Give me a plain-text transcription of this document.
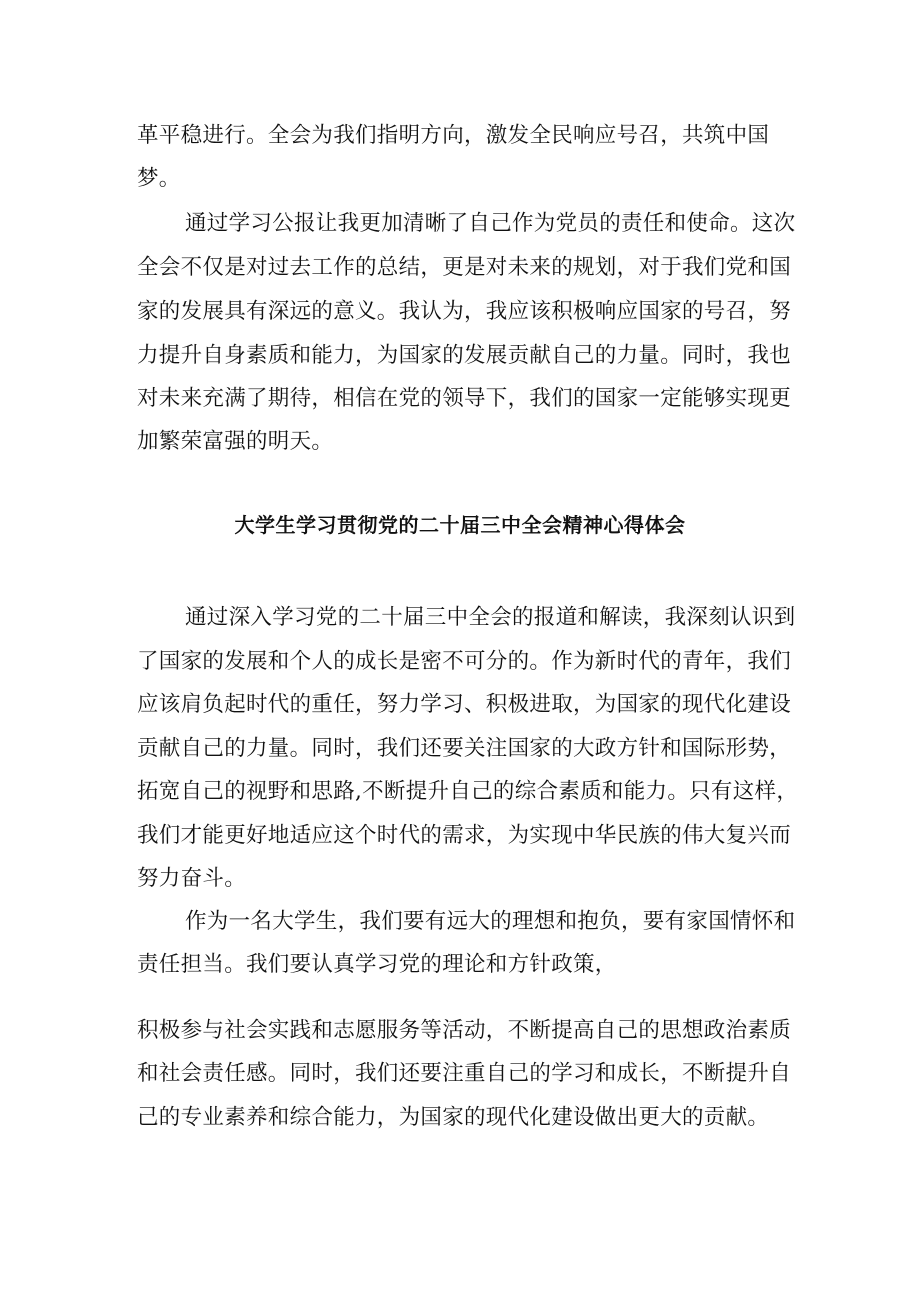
革平稳进行。全会为我们指明方向，激发全民响应号召，共筑中国
梦。
通过学习公报让我更加清晰了自己作为党员的责任和使命。这次
全会不仅是对过去工作的总结，更是对未来的规划，对于我们党和国
家的发展具有深远的意义。我认为，我应该积极响应国家的号召，努
力提升自身素质和能力，为国家的发展贡献自己的力量。同时，我也
对未来充满了期待，相信在党的领导下，我们的国家一定能够实现更
加繁荣富强的明天。
大学生学习贯彻党的二十届三中全会精神心得体会
通过深入学习党的二十届三中全会的报道和解读，我深刻认识到
了国家的发展和个人的成长是密不可分的。作为新时代的青年，我们
应该肩负起时代的重任，努力学习、积极进取，为国家的现代化建设
贡献自己的力量。同时，我们还要关注国家的大政方针和国际形势，
拓宽自己的视野和思路,不断提升自己的综合素质和能力。只有这样，
我们才能更好地适应这个时代的需求，为实现中华民族的伟大复兴而
努力奋斗。
作为一名大学生，我们要有远大的理想和抱负，要有家国情怀和
责任担当。我们要认真学习党的理论和方针政策，
积极参与社会实践和志愿服务等活动，不断提高自己的思想政治素质
和社会责任感。同时，我们还要注重自己的学习和成长，不断提升自
己的专业素养和综合能力，为国家的现代化建设做出更大的贡献。
